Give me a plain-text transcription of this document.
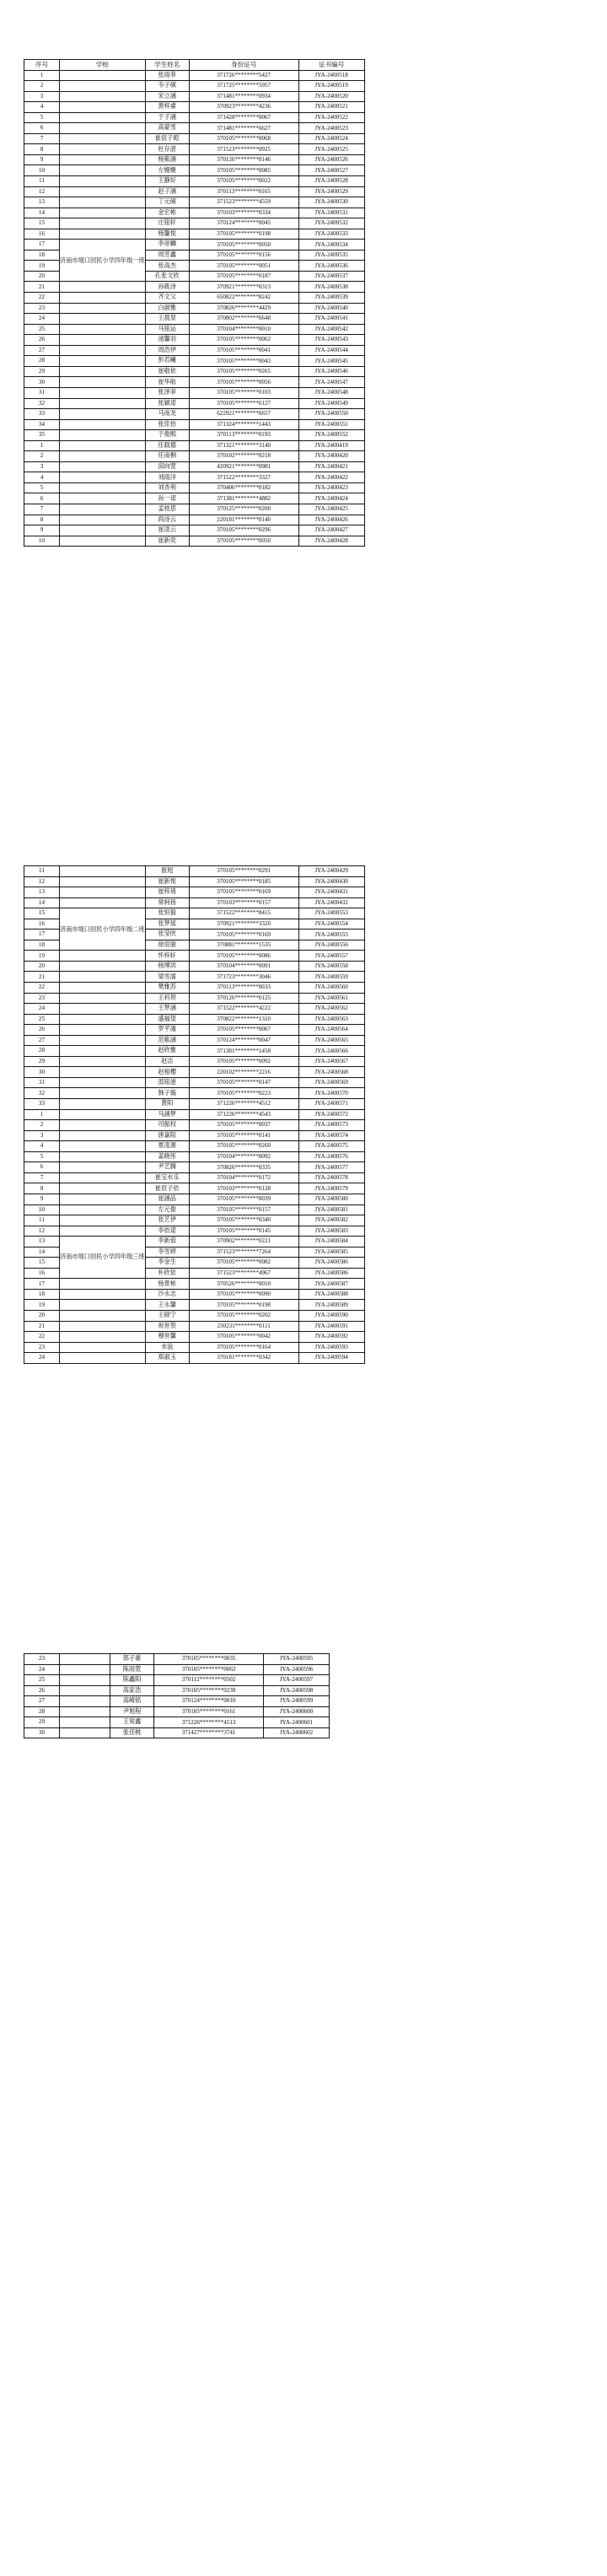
序号	学校	学生姓名	身份证号	证书编号
1		张雨菲	371726********5427	JYA-2400518
2		韦子硕	371725********5957	JYA-2400519
3		宋立涵	371481********0934	JYA-2400520
4		黄梓睿	370923********4236	JYA-2400521
5		于子涵	371428********0067	JYA-2400522
6		高蒙雪	371481********6627	JYA-2400523
7		崔宸子暄	370105********0068	JYA-2400524
8		杜存湛	371523********0925	JYA-2400525
9		杨紫涵	370126********0146	JYA-2400526
10		左嫚姗	370105********0085	JYA-2400527
11		王静好	370105********0022	JYA-2400528
12		赵子涵	370113********0165	JYA-2400529
13		丁元硕	371523********4559	JYA-2400530
14		金宏彬	370103********0334	JYA-2400531
15		庄铭轩	370124********0045	JYA-2400532
16		杨馨悦	370105********0198	JYA-2400533
17	济南市堤口回民小学四年级一班	李帝麟	370105********0050	JYA-2400534
18		周芳鑫	370105********0156	JYA-2400535
19		张高杰	370105********0051	JYA-2400536
20		孔张文欣	370105********0187	JYA-2400537
21		孙筱泽	370921********0313	JYA-2400538
22		齐文父	650822********8242	JYA-2400539
23		白淑雅	370826********4429	JYA-2400540
24		王晨堃	370802********6648	JYA-2400541
25		马铭运	370104********0010	JYA-2400542
26		逯馨羽	370105********0062	JYA-2400543
27		周浩伊	370105********0041	JYA-2400544
28		彭若曦	370105********0043	JYA-2400545
29		崔敬依	370105********0265	JYA-2400546
30		崔华航	370105********0056	JYA-2400547
31		张泽菲	370105********0103	JYA-2400548
32		张颖诺	370105********6127	JYA-2400549
33		马南龙	622921********6657	JYA-2400550
34		张佳怡	371324********1443	JYA-2400551
35		于俊熙	370113********0193	JYA-2400552
1		任载德	371321********3140	JYA-2400419
2		任南桐	370102********0218	JYA-2400420
3		邱向萱	420921********0981	JYA-2400421
4		刘雨洋	371522********3327	JYA-2400422
5		刘杏利	370406********0182	JYA-2400423
6		孙一诺	371381********4882	JYA-2400424
7		孟桂思	370125********0200	JYA-2400425
8		尚诗云	220181********0140	JYA-2400426
9		崔凌云	370105********0296	JYA-2400427
10		崔新奕	370105********0050	JYA-2400428
11		崔旭	370105********0291	JYA-2400429
12		崔新悦	370105********0185	JYA-2400430
13		崔梓琦	370105********0169	JYA-2400431
14		常柯扬	370103********0157	JYA-2400432
15	济南市堤口回民小学四年级二班	张恒毅	371522********8415	JYA-2400553
16		张梦瑶	370921********3320	JYA-2400554
17		张莹欣	370105********0169	JYA-2400555
18		徐宸骏	370881********1535	JYA-2400556
19		怀梓轩	370105********0086	JYA-2400557
20		杨博洪	370104********0091	JYA-2400558
21		梁雪濡	371723********3046	JYA-2400559
22		樊雅苏	370113********0033	JYA-2400560
23		王科贺	370126********0125	JYA-2400561
24		王梦涵	371522********4222	JYA-2400562
25		盛福望	370822********1310	JYA-2400563
26		罗芊潼	370105********0067	JYA-2400564
27		范紫涵	370124********0047	JYA-2400565
28		赵欣雅	371381********1458	JYA-2400566
29		赵洁	370105********0092	JYA-2400567
30		赵相樱	220102********2216	JYA-2400568
31		邵铭滋	370105********0147	JYA-2400569
32		韩子璇	370105********0223	JYA-2400570
33		黄阳	371226********4512	JYA-2400571
1		马涵梦	371226********4543	JYA-2400572
2		司振权	370105********0037	JYA-2400573
3		唐嘉阳	370105********0141	JYA-2400574
4		夏淩源	370105********0260	JYA-2400575
5		姜晓彤	370104********0092	JYA-2400576
6		尹艺腾	370826********0335	JYA-2400577
7		崔宝水乐	370104********0172	JYA-2400578
8		崔宸子依	370103********0128	JYA-2400579
9		崔涵品	370105********0039	JYA-2400580
10		左元俊	370105********0157	JYA-2400581
11		张艺伊	370105********0340	JYA-2400582
12		李依诺	370105********0145	JYA-2400583
13	济南市堤口回民小学四年级三班	李新茹	370902********0221	JYA-2400584
14		李雪婷	371523********7264	JYA-2400585
15		李金生	370105********0082	JYA-2400586
16		朴欣依	371523********4967	JYA-2400586
17		杨景彬	370526********0010	JYA-2400587
18		沙永志	370105********0090	JYA-2400588
19		王永馨	370105********0198	JYA-2400589
20		王硕宁	370105********0202	JYA-2400590
21		祝世贺	230231********0111	JYA-2400591
22		穆世馨	370105********0042	JYA-2400592
23		米浪	370105********0164	JYA-2400593
24		郑淑玉	370181********0342	JYA-2400594
23		郭子豪	370105********0035	JYA-2400595
24		陈雨萱	370105********0063	JYA-2400596
25		陈鑫阳	370112********0502	JYA-2400597
26		高家浩	370105********0239	JYA-2400598
27		高崎铭	370124********0010	JYA-2400599
28		尹旭程	370105********0161	JYA-2400600
29		王常鑫	371226********4513	JYA-2400601
30		张佳桃	371427********3741	JYA-2400602
